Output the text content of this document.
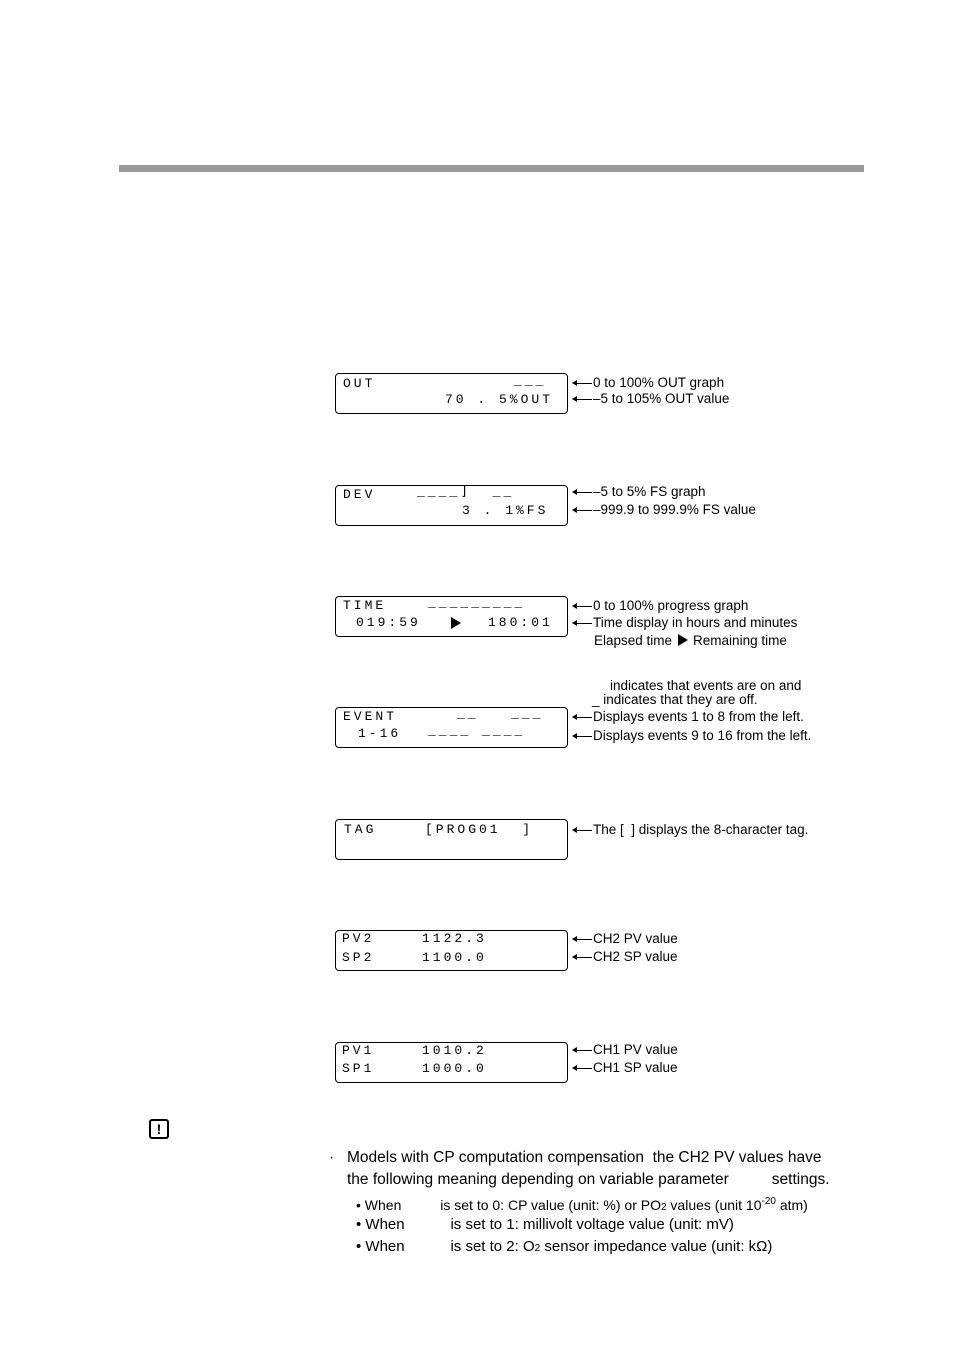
OUT	___
70 . 5%OUT
0 to 100% OUT graph
–5 to 105% OUT value
DEV	____⌋  __
3 . 1%FS
–5 to 5% FS graph
–999.9 to 999.9% FS value
TIME	_________
019:59	180:01
0 to 100% progress graph
Time display in hours and minutes
Elapsed time Remaining time
indicates that events are on and
_ indicates that they are off.
EVENT	__   ___
1-16 ____ ____
Displays events 1 to 8 from the left.
Displays events 9 to 16 from the left.
TAG	[PROG01  ]	The [  ] displays the 8-character tag.
PV2	1122.3
SP2	1100.0
CH2 PV value
CH2 SP value
PV1	1010.2
SP1	1000.0
CH1 PV value
CH1 SP value
!
· Models with CP computation compensation  the CH2 PV values have
the following meaning depending on variable parameter          settings.
• When          is set to 0: CP value (unit: %) or PO2 values (unit $10^{-20}$ atm)
• When           is set to 1: millivolt voltage value (unit: mV)
• When           is set to 2: O2 sensor impedance value (unit: kΩ)
